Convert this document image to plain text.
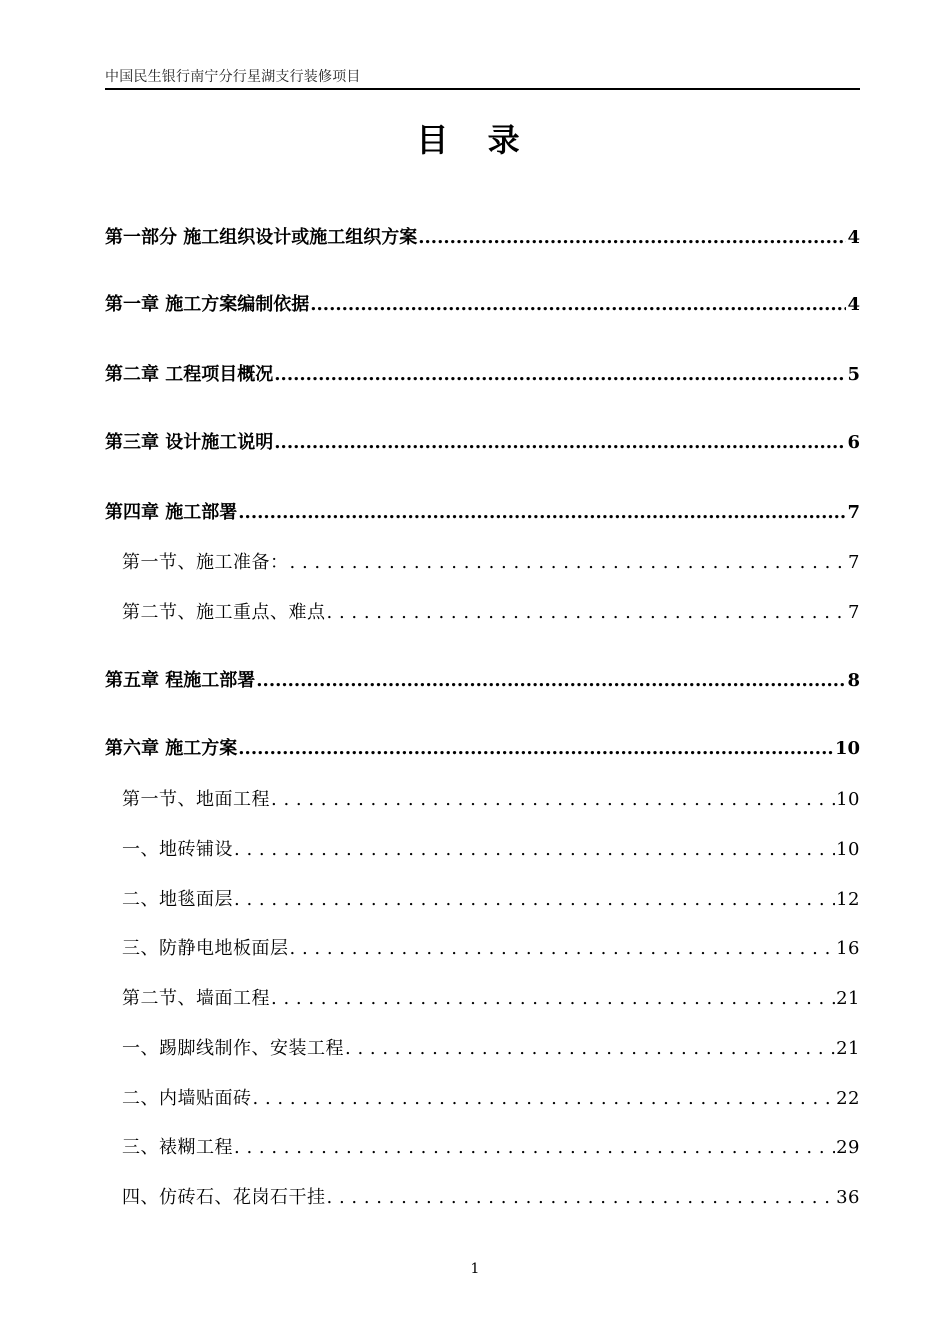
中国民生银行南宁分行星湖支行装修项目
目 录
第一部分 施工组织设计或施工组织方案 .....	4
第一章 施工方案编制依据 .....	4
第二章 工程项目概况 .....	5
第三章 设计施工说明 .....	6
第四章 施工部署 .....	7
第一节、施工准备： . . .	7
第二节、施工重点、难点 . . .	7
第五章 程施工部署 .....	8
第六章 施工方案 .....	10
第一节、地面工程 . . .	10
一、地砖铺设 . . .	10
二、地毯面层 . . .	12
三、防静电地板面层 . . .	16
第二节、墙面工程 . . .	21
一、踢脚线制作、安装工程 . . .	21
二、内墙贴面砖 . . .	22
三、裱糊工程 . . .	29
四、仿砖石、花岗石干挂 . . .	36
1
